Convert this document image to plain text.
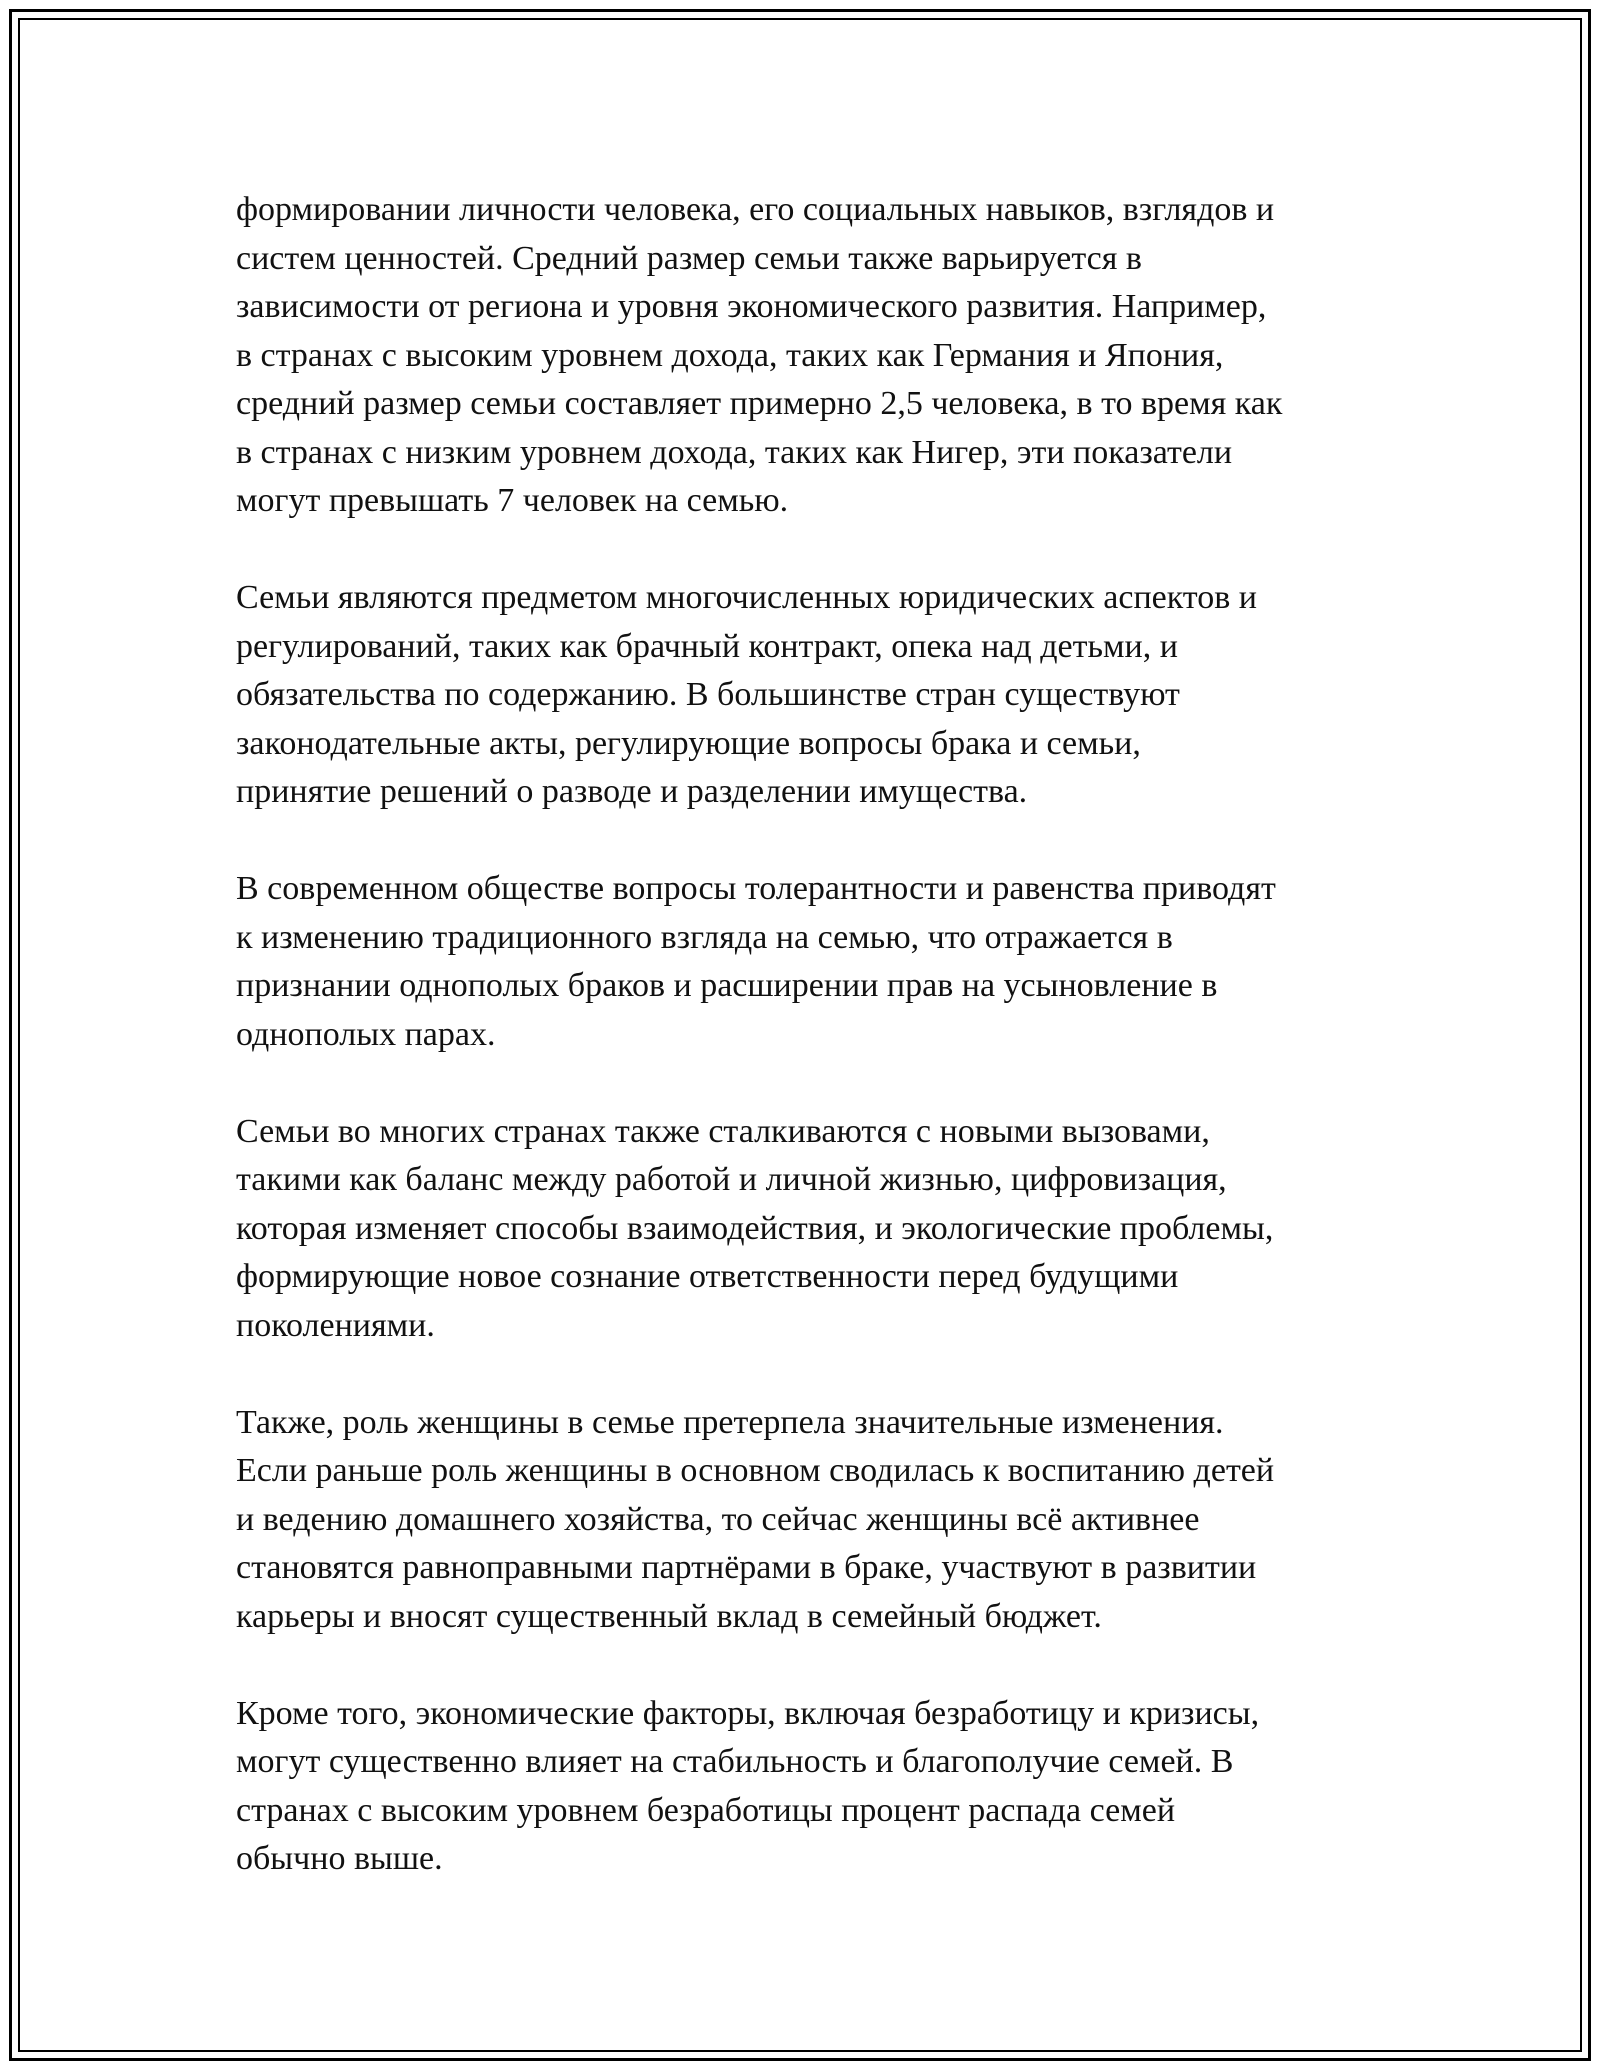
формировании личности человека, его социальных навыков, взглядов и
систем ценностей. Средний размер семьи также варьируется в
зависимости от региона и уровня экономического развития. Например,
в странах с высоким уровнем дохода, таких как Германия и Япония,
средний размер семьи составляет примерно 2,5 человека, в то время как
в странах с низким уровнем дохода, таких как Нигер, эти показатели
могут превышать 7 человек на семью.

Семьи являются предметом многочисленных юридических аспектов и
регулирований, таких как брачный контракт, опека над детьми, и
обязательства по содержанию. В большинстве стран существуют
законодательные акты, регулирующие вопросы брака и семьи,
принятие решений о разводе и разделении имущества.

В современном обществе вопросы толерантности и равенства приводят
к изменению традиционного взгляда на семью, что отражается в
признании однополых браков и расширении прав на усыновление в
однополых парах.

Семьи во многих странах также сталкиваются с новыми вызовами,
такими как баланс между работой и личной жизнью, цифровизация,
которая изменяет способы взаимодействия, и экологические проблемы,
формирующие новое сознание ответственности перед будущими
поколениями.

Также, роль женщины в семье претерпела значительные изменения.
Если раньше роль женщины в основном сводилась к воспитанию детей
и ведению домашнего хозяйства, то сейчас женщины всё активнее
становятся равноправными партнёрами в браке, участвуют в развитии
карьеры и вносят существенный вклад в семейный бюджет.

Кроме того, экономические факторы, включая безработицу и кризисы,
могут существенно влияет на стабильность и благополучие семей. В
странах с высоким уровнем безработицы процент распада семей
обычно выше.
